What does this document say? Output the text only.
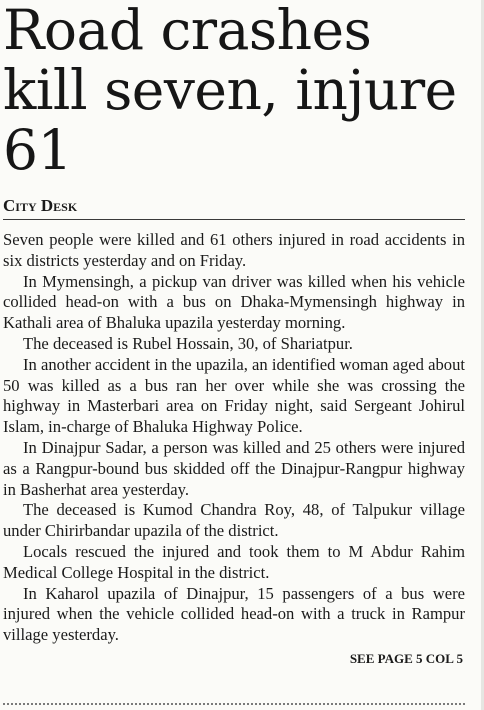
Road crashes kill seven, injure 61
City Desk

Seven people were killed and 61 others injured in road accidents in six districts yesterday and on Friday.

In Mymensingh, a pickup van driver was killed when his vehicle collided head-on with a bus on Dhaka-Mymensingh highway in Kathali area of Bhaluka upazila yesterday morning.

The deceased is Rubel Hossain, 30, of Shariatpur.

In another accident in the upazila, an identified woman aged about 50 was killed as a bus ran her over while she was crossing the highway in Masterbari area on Friday night, said Sergeant Johirul Islam, in-charge of Bhaluka Highway Police.

In Dinajpur Sadar, a person was killed and 25 others were injured as a Rangpur-bound bus skidded off the Dinajpur-Rangpur highway in Basherhat area yesterday.

The deceased is Kumod Chandra Roy, 48, of Talpukur village under Chirirbandar upazila of the district.

Locals rescued the injured and took them to M Abdur Rahim Medical College Hospital in the district.

In Kaharol upazila of Dinajpur, 15 passengers of a bus were injured when the vehicle collided head-on with a truck in Rampur village yesterday.

SEE PAGE 5 COL 5
